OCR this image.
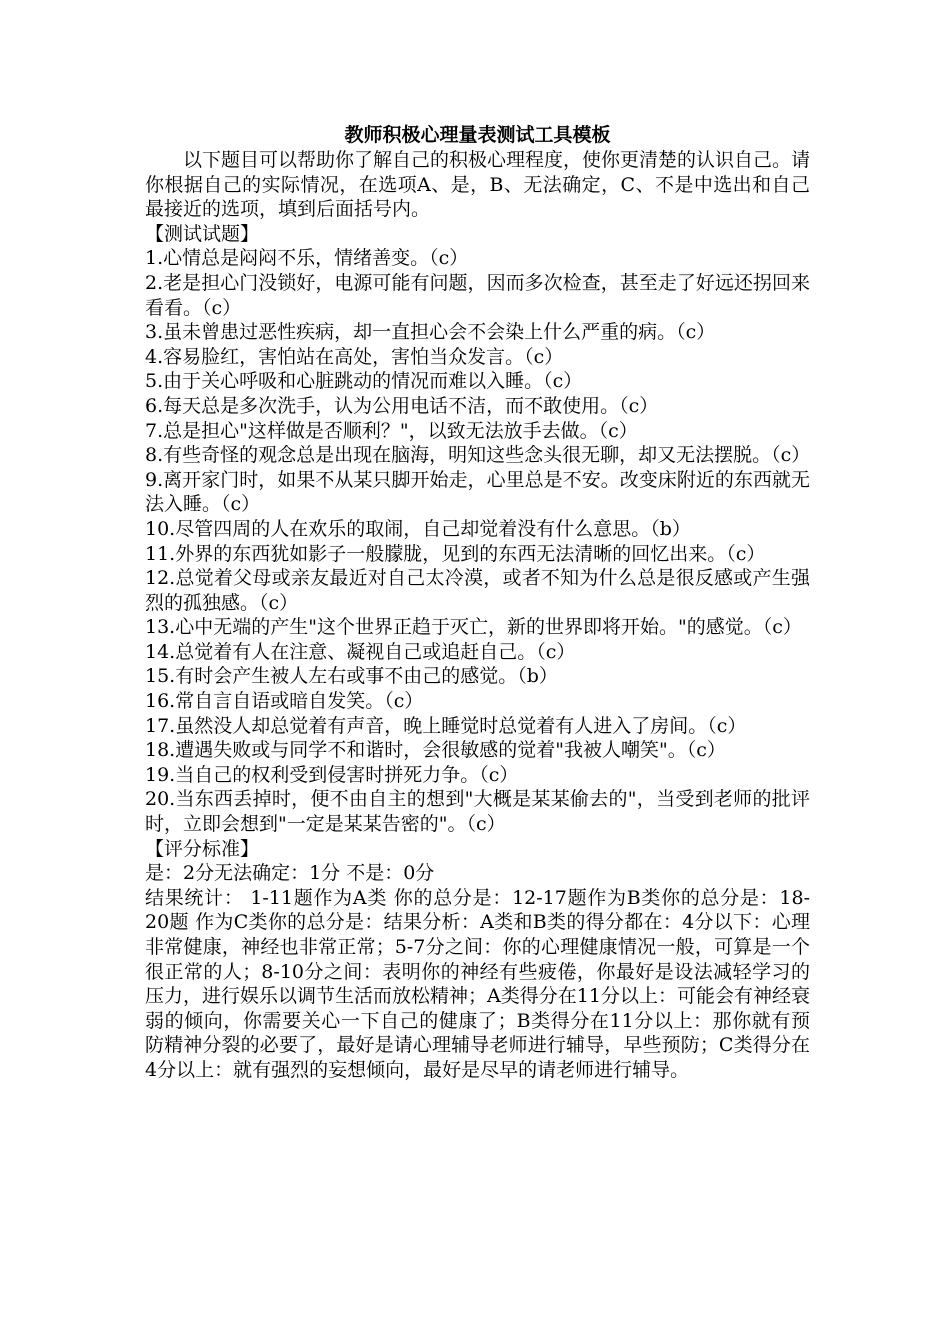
教师积极心理量表测试工具模板

以下题目可以帮助你了解自己的积极心理程度，使你更清楚的认识自己。请你根据自己的实际情况，在选项A、是，B、无法确定，C、不是中选出和自己最接近的选项，填到后面括号内。

【测试试题】

1.心情总是闷闷不乐，情绪善变。（c）

2.老是担心门没锁好，电源可能有问题，因而多次检查，甚至走了好远还拐回来看看。（c）

3.虽未曾患过恶性疾病，却一直担心会不会染上什么严重的病。（c）

4.容易脸红，害怕站在高处，害怕当众发言。（c）

5.由于关心呼吸和心脏跳动的情况而难以入睡。（c）

6.每天总是多次洗手，认为公用电话不洁，而不敢使用。（c）

7.总是担心"这样做是否顺利？"，以致无法放手去做。（c）

8.有些奇怪的观念总是出现在脑海，明知这些念头很无聊，却又无法摆脱。（c）

9.离开家门时，如果不从某只脚开始走，心里总是不安。改变床附近的东西就无法入睡。（c）

10.尽管四周的人在欢乐的取闹，自己却觉着没有什么意思。（b）

11.外界的东西犹如影子一般朦胧，见到的东西无法清晰的回忆出来。（c）

12.总觉着父母或亲友最近对自己太冷漠，或者不知为什么总是很反感或产生强烈的孤独感。（c）

13.心中无端的产生"这个世界正趋于灭亡，新的世界即将开始。"的感觉。（c）

14.总觉着有人在注意、凝视自己或追赶自己。（c）

15.有时会产生被人左右或事不由己的感觉。（b）

16.常自言自语或暗自发笑。（c）

17.虽然没人却总觉着有声音，晚上睡觉时总觉着有人进入了房间。（c）

18.遭遇失败或与同学不和谐时，会很敏感的觉着"我被人嘲笑"。（c）

19.当自己的权利受到侵害时拼死力争。（c）

20.当东西丢掉时，便不由自主的想到"大概是某某偷去的"，当受到老师的批评时，立即会想到"一定是某某告密的"。（c）

【评分标准】

是：2分无法确定：1分 不是：0分

结果统计： 1-11题作为A类 你的总分是：12-17题作为B类你的总分是：18-20题 作为C类你的总分是：结果分析：A类和B类的得分都在：4分以下：心理非常健康，神经也非常正常；5-7分之间：你的心理健康情况一般，可算是一个很正常的人；8-10分之间：表明你的神经有些疲倦，你最好是设法减轻学习的压力，进行娱乐以调节生活而放松精神；A类得分在11分以上：可能会有神经衰弱的倾向，你需要关心一下自己的健康了；B类得分在11分以上：那你就有预防精神分裂的必要了，最好是请心理辅导老师进行辅导，早些预防；C类得分在4分以上：就有强烈的妄想倾向，最好是尽早的请老师进行辅导。
